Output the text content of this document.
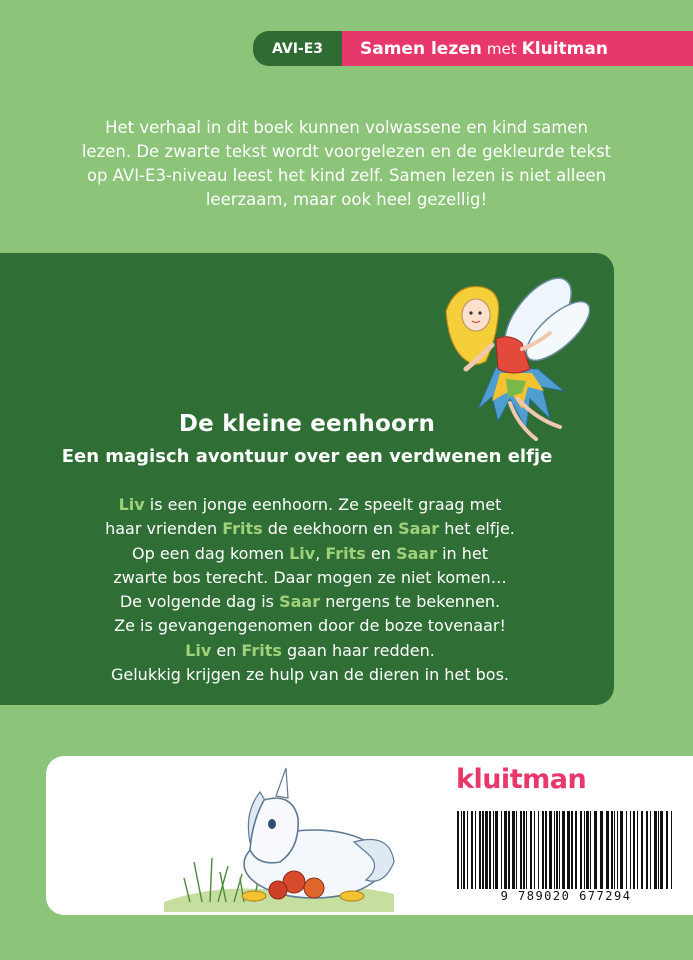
AVI-E3	Samen lezen met Kluitman
Het verhaal in dit boek kunnen volwassene en kind samen
lezen. De zwarte tekst wordt voorgelezen en de gekleurde tekst
op AVI-E3-niveau leest het kind zelf. Samen lezen is niet alleen
leerzaam, maar ook heel gezellig!
De kleine eenhoorn
Een magisch avontuur over een verdwenen elfje
Liv is een jonge eenhoorn. Ze speelt graag met
haar vrienden Frits de eekhoorn en Saar het elfje.
Op een dag komen Liv, Frits en Saar in het
zwarte bos terecht. Daar mogen ze niet komen…
De volgende dag is Saar nergens te bekennen.
Ze is gevangengenomen door de boze tovenaar!
Liv en Frits gaan haar redden.
Gelukkig krijgen ze hulp van de dieren in het bos.
kluitman
9 789020 677294
